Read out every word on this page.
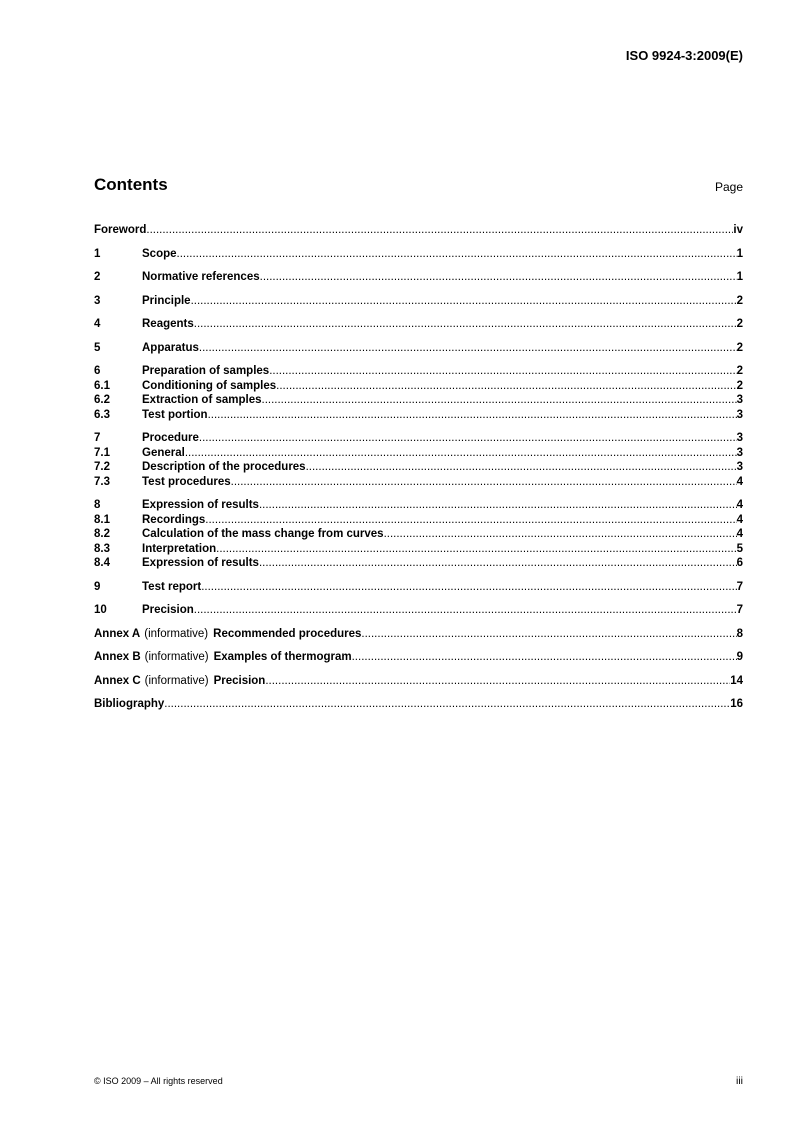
ISO 9924-3:2009(E)
Contents	Page
Foreword .....	iv
1	Scope .....	1
2	Normative references .....	1
3	Principle .....	2
4	Reagents .....	2
5	Apparatus .....	2
6	Preparation of samples .....	2
6.1	Conditioning of samples .....	2
6.2	Extraction of samples .....	3
6.3	Test portion .....	3
7	Procedure .....	3
7.1	General .....	3
7.2	Description of the procedures .....	3
7.3	Test procedures .....	4
8	Expression of results .....	4
8.1	Recordings .....	4
8.2	Calculation of the mass change from curves .....	4
8.3	Interpretation .....	5
8.4	Expression of results .....	6
9	Test report .....	7
10	Precision .....	7
Annex A (informative) Recommended procedures .....	8
Annex B (informative) Examples of thermogram .....	9
Annex C (informative) Precision .....	14
Bibliography .....	16
© ISO 2009 – All rights reserved	iii
